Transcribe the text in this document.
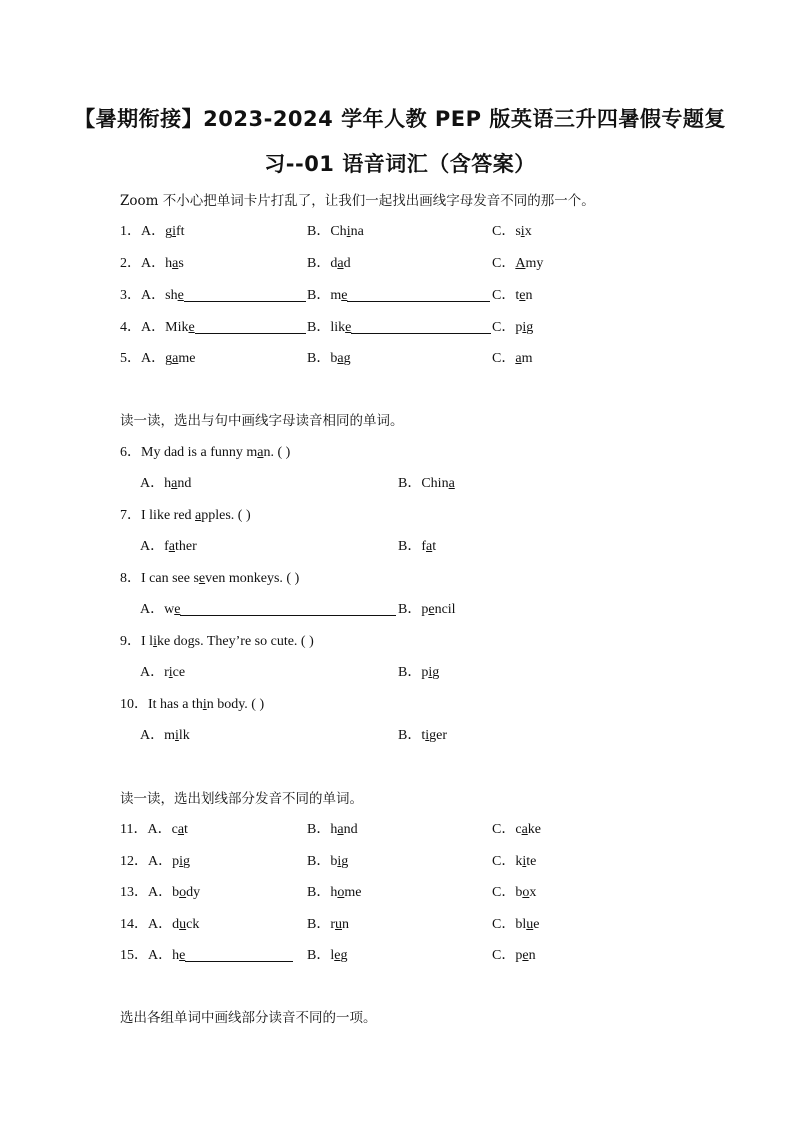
【暑期衔接】2023-2024 学年人教 PEP 版英语三升四暑假专题复
习--01 语音词汇（含答案）
Zoom 不小心把单词卡片打乱了，让我们一起找出画线字母发音不同的那一个。
1．A．gift	B．China	C．six
2．A．has	B．dad	C．Amy
3．A．she	B．me	C．ten
4．A．Mike	B．like	C．pig
5．A．game	B．bag	C．am
读一读，选出与句中画线字母读音相同的单词。
6．My dad is a funny man. ( )
A．hand	B．China
7．I like red apples. ( )
A．father	B．fat
8．I can see seven monkeys. ( )
A．we	B．pencil
9．I like dogs. They’re so cute. ( )
A．rice	B．pig
10．It has a thin body. ( )
A．milk	B．tiger
读一读，选出划线部分发音不同的单词。
11．A．cat	B．hand	C．cake
12．A．pig	B．big	C．kite
13．A．body	B．home	C．box
14．A．duck	B．run	C．blue
15．A．he	B．leg	C．pen
选出各组单词中画线部分读音不同的一项。
